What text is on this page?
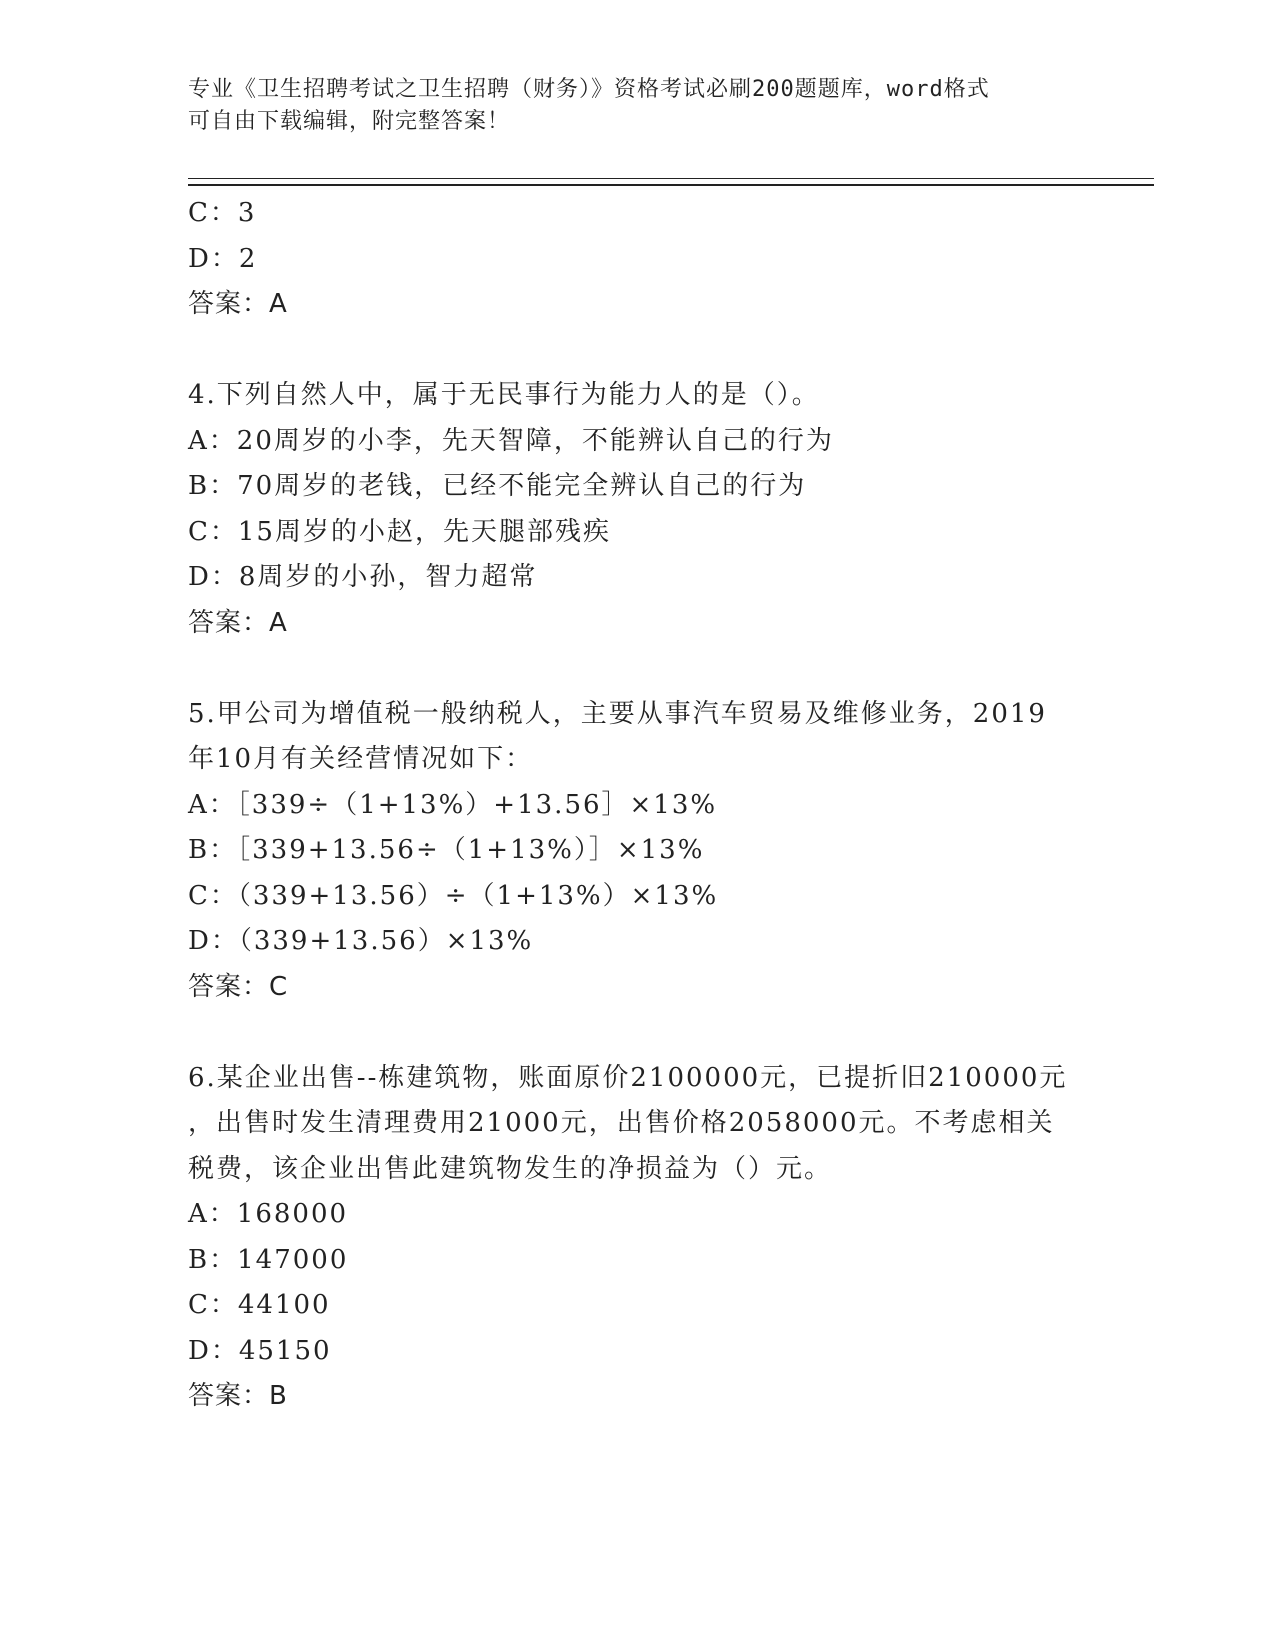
专业《卫生招聘考试之卫生招聘（财务）》资格考试必刷200题题库，word格式
可自由下载编辑，附完整答案！
C：3
D：2
答案：A
4.下列自然人中，属于无民事行为能力人的是（）。
A：20周岁的小李，先天智障，不能辨认自己的行为
B：70周岁的老钱，已经不能完全辨认自己的行为
C：15周岁的小赵，先天腿部残疾
D：8周岁的小孙，智力超常
答案：A
5.甲公司为增值税一般纳税人，主要从事汽车贸易及维修业务，2019
年10月有关经营情况如下：
A：［339÷（1+13%）+13.56］×13%
B：［339+13.56÷（1+13%）］×13%
C：（339+13.56）÷（1+13%）×13%
D：（339+13.56）×13%
答案：C
6.某企业出售--栋建筑物，账面原价2100000元，已提折旧210000元
，出售时发生清理费用21000元，出售价格2058000元。不考虑相关
税费，该企业出售此建筑物发生的净损益为（）元。
A：168000
B：147000
C：44100
D：45150
答案：B
